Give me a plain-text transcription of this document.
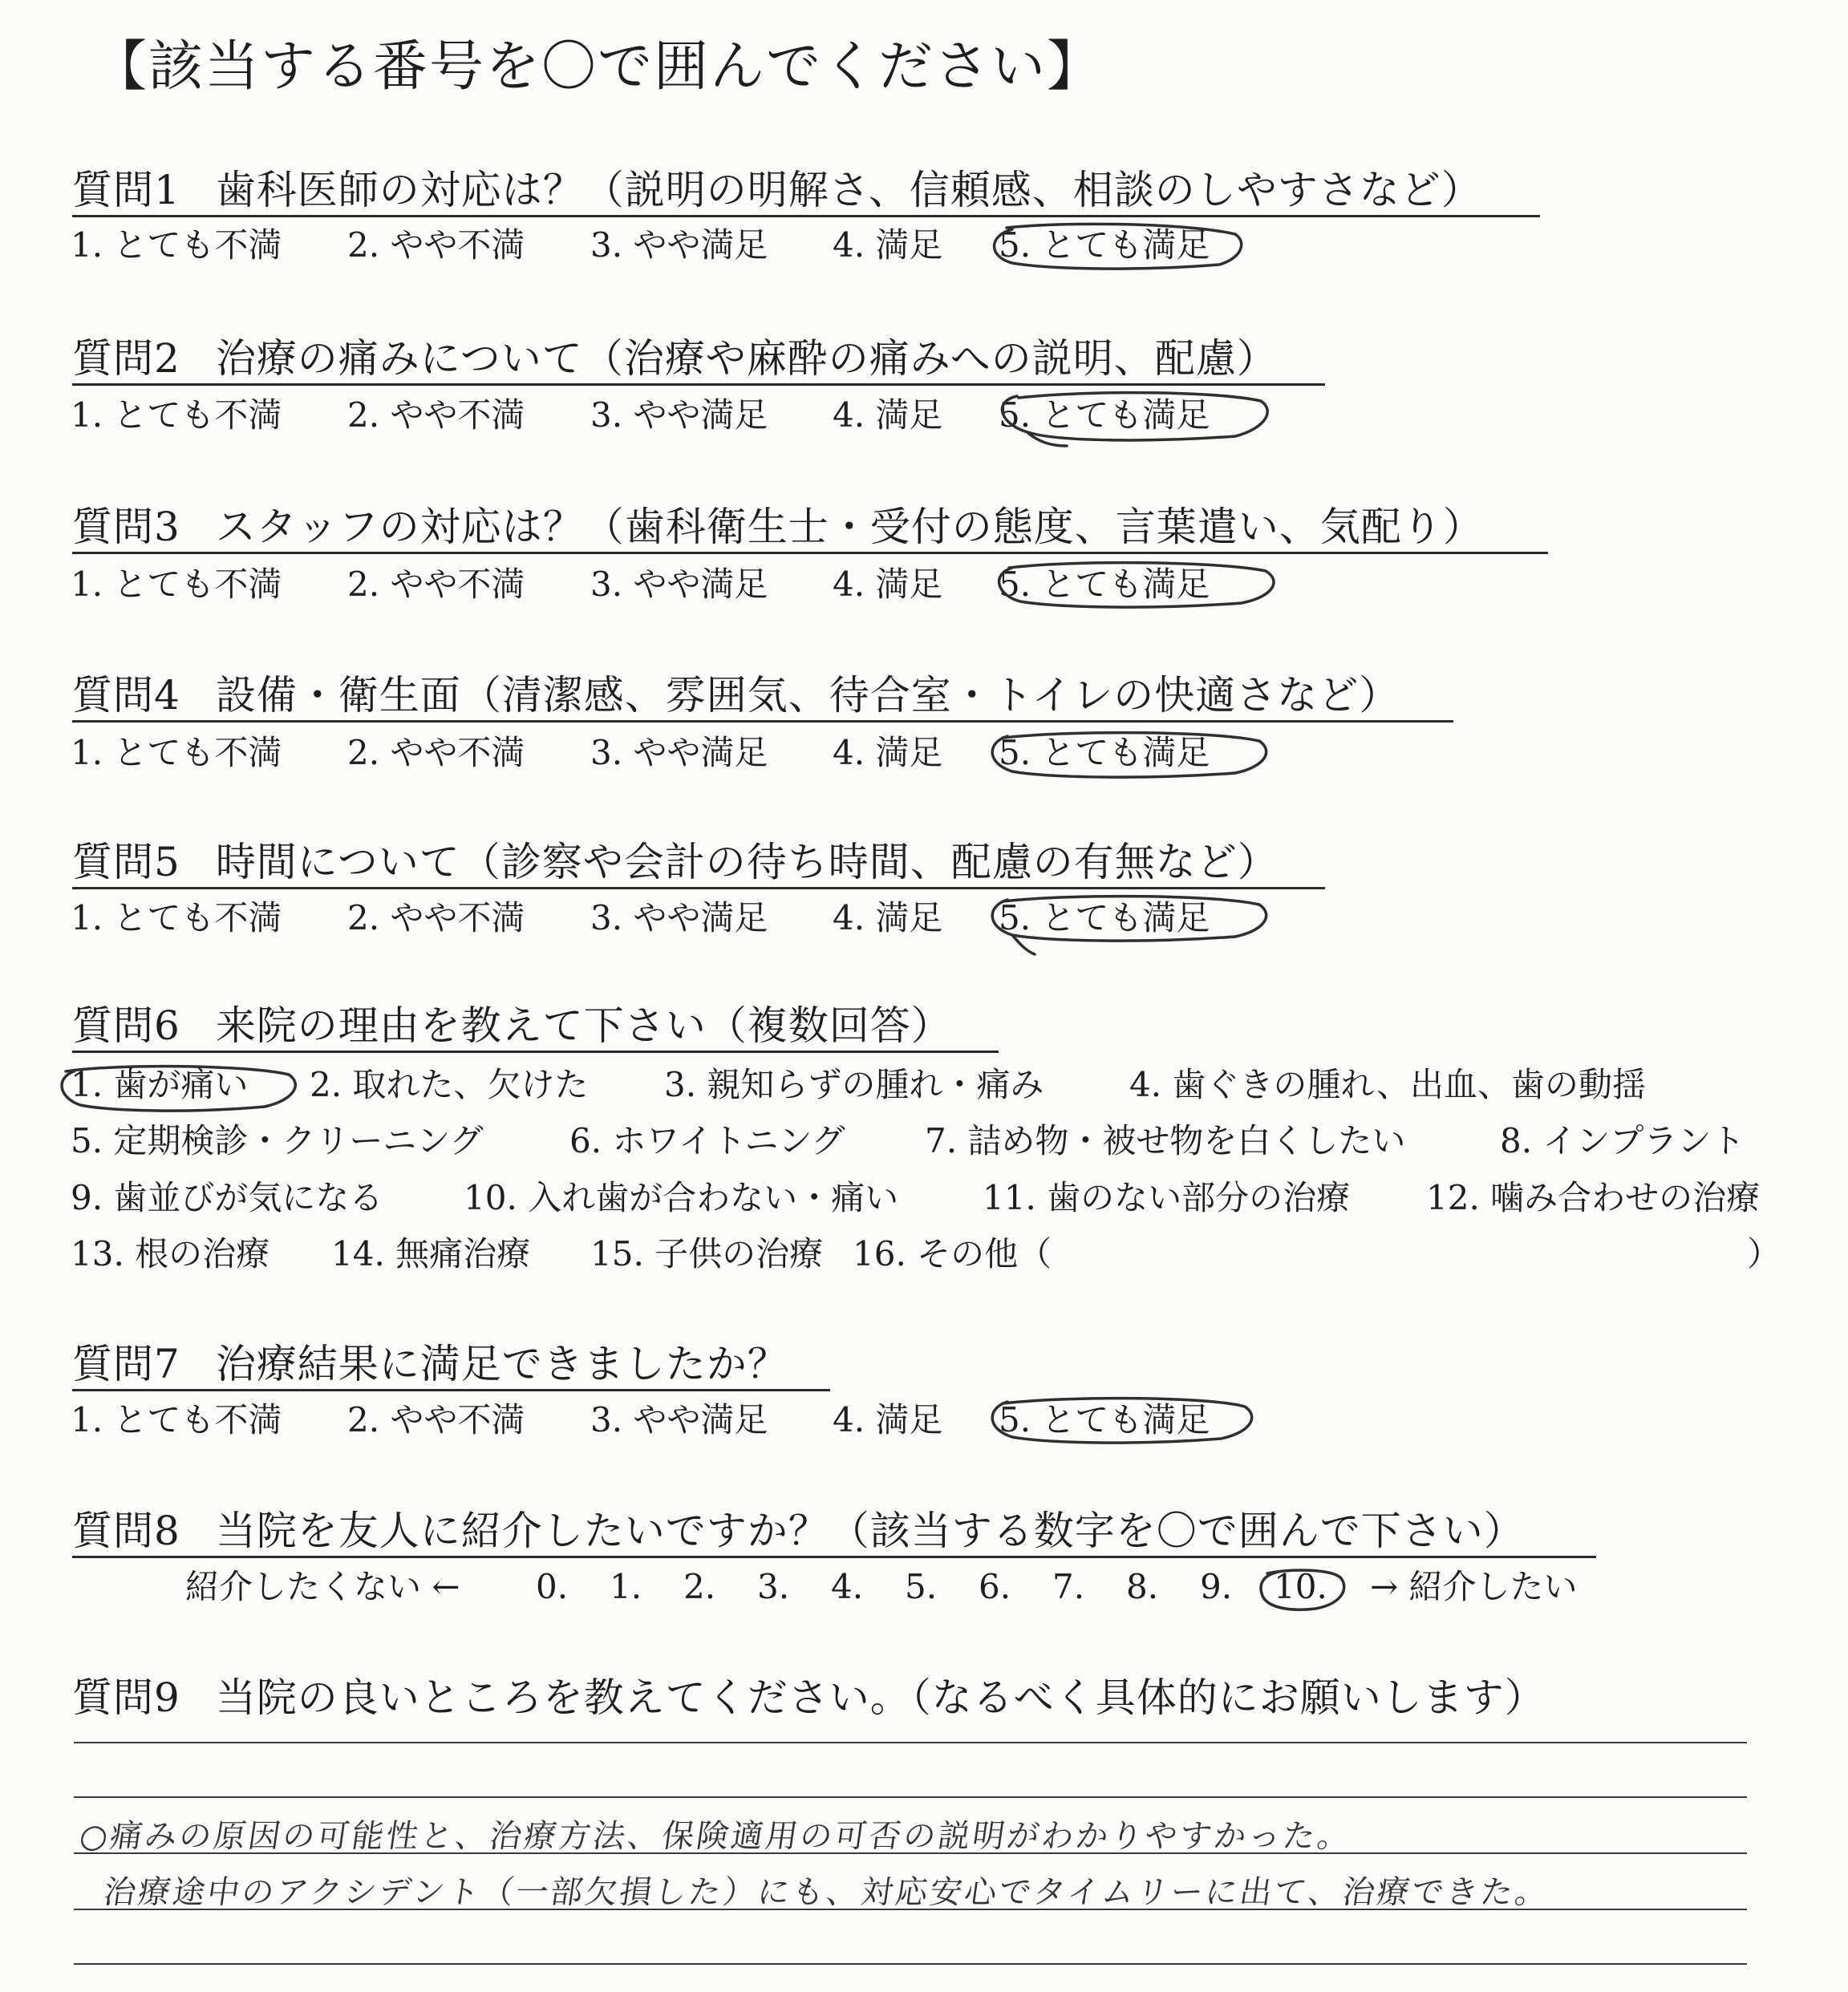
【該当する番号を〇で囲んでください】
質問1 歯科医師の対応は？（説明の明解さ、信頼感、相談のしやすさなど）
1. とても不満 2. やや不満 3. やや満足 4. 満足 5. とても満足
質問2 治療の痛みについて（治療や麻酔の痛みへの説明、配慮）
1. とても不満 2. やや不満 3. やや満足 4. 満足 5. とても満足
質問3 スタッフの対応は？（歯科衛生士・受付の態度、言葉遣い、気配り）
1. とても不満 2. やや不満 3. やや満足 4. 満足 5. とても満足
質問4 設備・衛生面（清潔感、雰囲気、待合室・トイレの快適さなど）
1. とても不満 2. やや不満 3. やや満足 4. 満足 5. とても満足
質問5 時間について（診察や会計の待ち時間、配慮の有無など）
1. とても不満 2. やや不満 3. やや満足 4. 満足 5. とても満足
質問6 来院の理由を教えて下さい（複数回答）
1. 歯が痛い 2. 取れた、欠けた 3. 親知らずの腫れ・痛み	4. 歯ぐきの腫れ、出血、歯の動揺
5. 定期検診・クリーニング	6. ホワイトニング 7. 詰め物・被せ物を白くしたい	8. インプラント
9. 歯並びが気になる 10. 入れ歯が合わない・痛い 11. 歯のない部分の治療 12. 噛み合わせの治療
13. 根の治療 14. 無痛治療 15. 子供の治療 16. その他（	）
質問7 治療結果に満足できましたか？
1. とても不満 2. やや不満 3. やや満足 4. 満足 5. とても満足
質問8 当院を友人に紹介したいですか？（該当する数字を〇で囲んで下さい）
紹介したくない ← 0. 1. 2. 3. 4. 5. 6. 7. 8. 9. 10. → 紹介したい
質問9 当院の良いところを教えてください。（なるべく具体的にお願いします）
○痛みの原因の可能性と、治療方法、保険適用の可否の説明がわかりやすかった。
治療途中のアクシデント（一部欠損した）にも、対応安心でタイムリーに出て、治療できた。
